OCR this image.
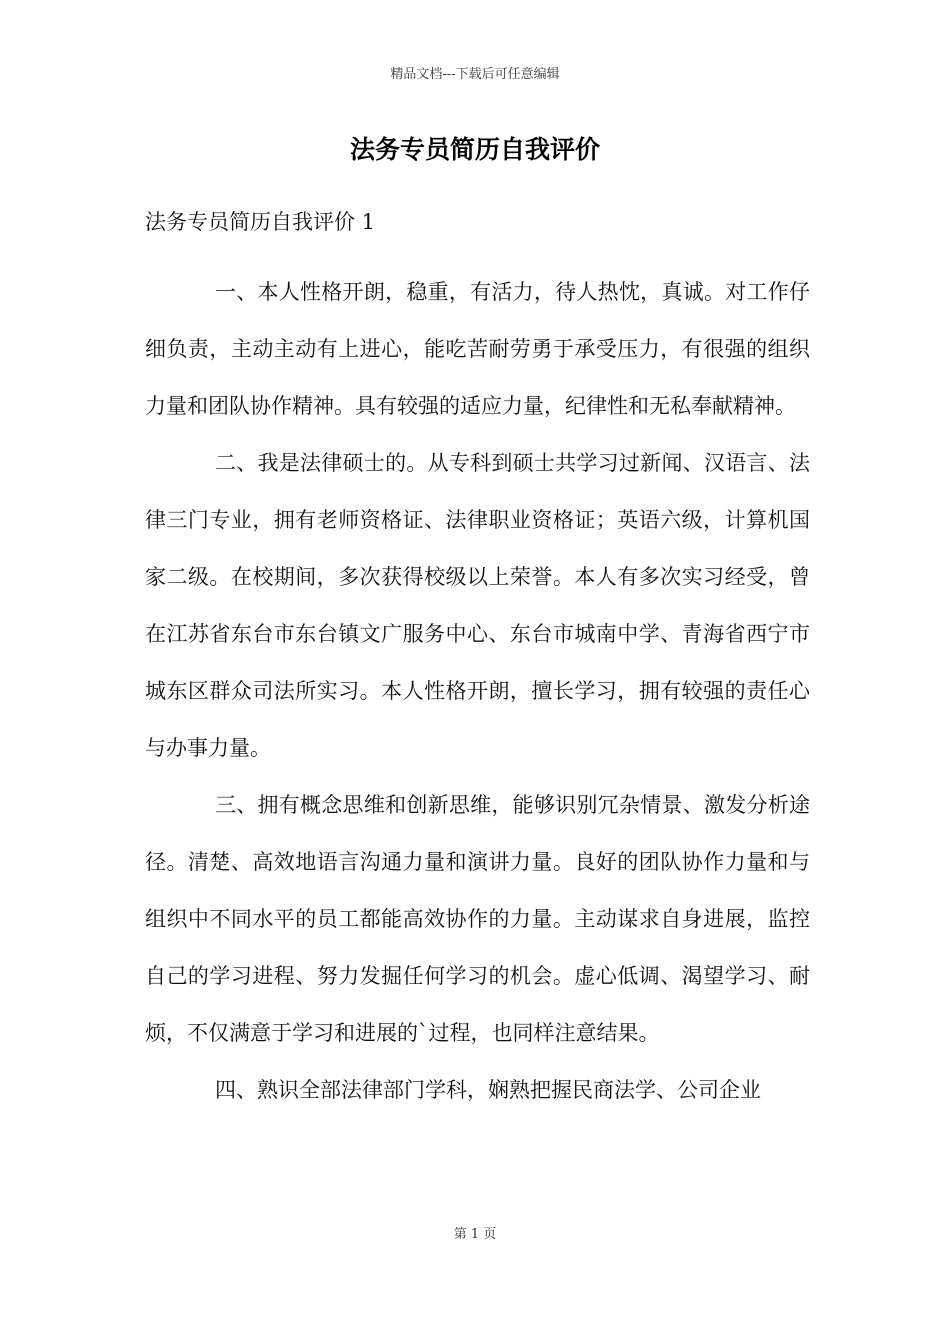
精品文档---下载后可任意编辑
法务专员简历自我评价
法务专员简历自我评价 1

一、本人性格开朗，稳重，有活力，待人热忱，真诚。对工作仔细负责，主动主动有上进心，能吃苦耐劳勇于承受压力，有很强的组织力量和团队协作精神。具有较强的适应力量，纪律性和无私奉献精神。

二、我是法律硕士的。从专科到硕士共学习过新闻、汉语言、法律三门专业，拥有老师资格证、法律职业资格证；英语六级，计算机国家二级。在校期间，多次获得校级以上荣誉。本人有多次实习经受，曾在江苏省东台市东台镇文广服务中心、东台市城南中学、青海省西宁市城东区群众司法所实习。本人性格开朗，擅长学习，拥有较强的责任心与办事力量。

三、拥有概念思维和创新思维，能够识别冗杂情景、激发分析途径。清楚、高效地语言沟通力量和演讲力量。良好的团队协作力量和与组织中不同水平的员工都能高效协作的力量。主动谋求自身进展，监控自己的学习进程、努力发掘任何学习的机会。虚心低调、渴望学习、耐烦，不仅满意于学习和进展的`过程，也同样注意结果。

四、熟识全部法律部门学科，娴熟把握民商法学、公司企业

第 1 页
